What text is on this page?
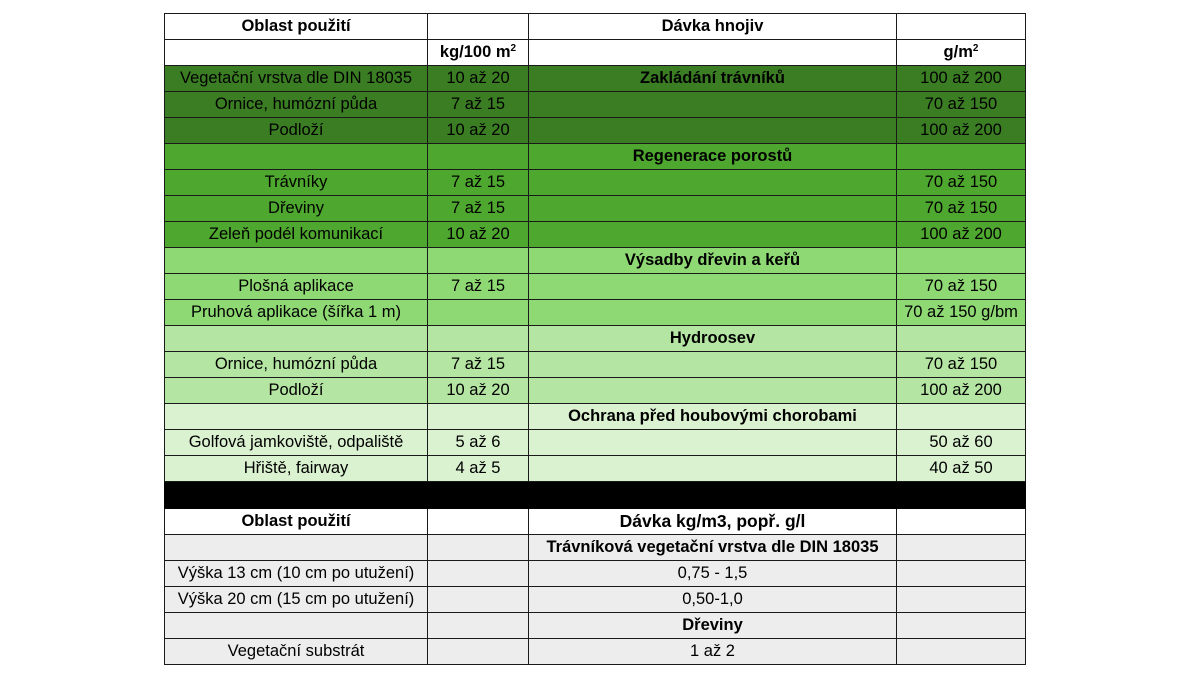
Oblast použití		Dávka hnojiv	
	kg/100 $m^2$		$g/m^2$
Vegetační vrstva dle DIN 18035	10 až 20	Zakládání trávníků	100 až 200
Ornice, humózní půda	7 až 15		70 až 150
Podloží	10 až 20		100 až 200
		Regenerace porostů	
Trávníky	7 až 15		70 až 150
Dřeviny	7 až 15		70 až 150
Zeleň podél komunikací	10 až 20		100 až 200
		Výsadby dřevin a keřů	
Plošná aplikace	7 až 15		70 až 150
Pruhová aplikace (šířka 1 m)			70 až 150 g/bm
		Hydroosev	
Ornice, humózní půda	7 až 15		70 až 150
Podloží	10 až 20		100 až 200
		Ochrana před houbovými chorobami	
Golfová jamkoviště, odpaliště	5 až 6		50 až 60
Hřiště, fairway	4 až 5		40 až 50

Oblast použití		Dávka kg/m3, popř. g/l	
		Trávníková vegetační vrstva dle DIN 18035	
Výška 13 cm (10 cm po utužení)		0,75 - 1,5	
Výška 20 cm (15 cm po utužení)		0,50-1,0	
		Dřeviny	
Vegetační substrát		1 až 2	
